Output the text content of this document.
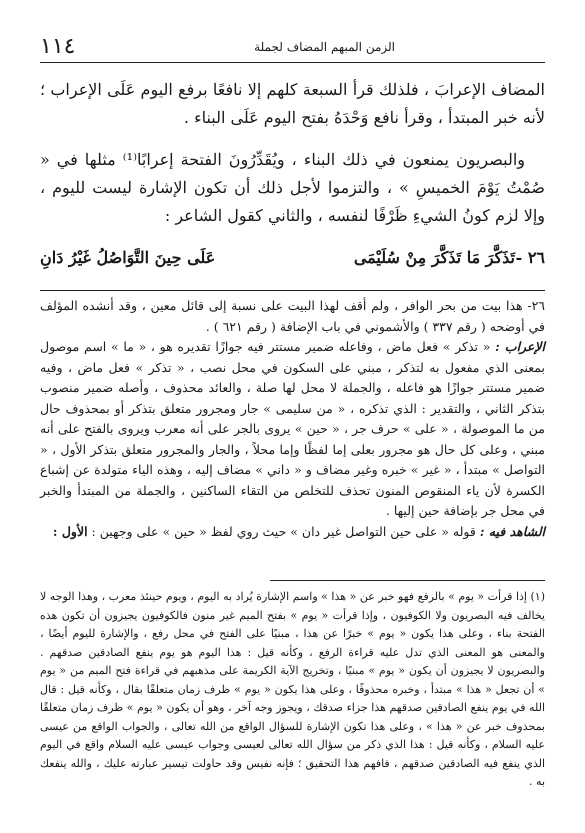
١١٤	الزمن المبهم المضاف لجملة

المضاف الإعرابَ ، فلذلك قرأ السبعة كلهم إلا نافعًا برفع اليوم عَلَى الإعراب ؛ لأنه خبر المبتدأ ، وقرأ نافع وَحْدَهُ بفتح اليوم عَلَى البناء .

والبصريون يمنعون في ذلك البناء ، ويُقَدِّرُونَ الفتحة إعرابًا⁽¹⁾ مثلها في « صُمْتُ يَوْمَ الخميسِ » ، والتزموا لأجل ذلك أن تكون الإشارة ليست لليوم ، وإلا لزم كونُ الشيءِ ظَرْفًا لنفسه ، والثاني كقول الشاعر :

٢٦ -
تَذَكَّرَ مَا تَذَكَّرَ مِنْ سُلَيْمَى
عَلَى حِينَ التَّوَاصُلُ غَيْرُ دَانِ

٢٦- هذا بيت من بحر الوافر ، ولم أقف لهذا البيت على نسبة إلى قائل معين ، وقد أنشده المؤلف في أوضحه ( رقم ٣٣٧ ) والأشموني في باب الإضافة ( رقم ٦٢١ ) .

الإعراب : « تذكر » فعل ماض ، وفاعله ضمير مستتر فيه جوازًا تقديره هو ، « ما » اسم موصول بمعنى الذي مفعول به لتذكر ، مبني على السكون في محل نصب ، « تذكر » فعل ماض ، وفيه ضمير مستتر جوازًا هو فاعله ، والجملة لا محل لها صلة ، والعائد محذوف ، وأصله ضمير منصوب بتذكر الثاني ، والتقدير : الذي تذكره ، « من سليمى » جار ومجرور متعلق بتذكر أو بمحذوف حال من ما الموصولة ، « على » حرف جر ، « حين » يروى بالجر على أنه معرب ويروى بالفتح على أنه مبني ، وعلى كل حال هو مجرور بعلى إما لفظًا وإما محلاً ، والجار والمجرور متعلق بتذكر الأول ، « التواصل » مبتدأ ، « غير » خبره وغير مضاف و « داني » مضاف إليه ، وهذه الياء متولدة عن إشباع الكسرة لأن ياء المنقوص المنون تحذف للتخلص من التقاء الساكنين ، والجملة من المبتدأ والخبر في محل جر بإضافة حين إليها .

الشاهد فيه : قوله « على حين التواصل غير دان » حيث روي لفظ « حين » على وجهين : الأول :

(١) إذا قرأت « يوم » بالرفع فهو خبر عن « هذا » واسم الإشارة يُراد به اليوم ، ويوم حينئذ معرب ، وهذا الوجه لا يخالف فيه البصريون ولا الكوفيون ، وإذا قرأت « يوم » بفتح الميم غير منون فالكوفيون يجيزون أن تكون هذه الفتحة بناء ، وعلى هذا يكون « يوم » خبرًا عن هذا ، مبنيًا على الفتح في محل رفع ، والإشارة لليوم أيضًا ، والمعنى هو المعنى الذي تدل عليه قراءة الرفع ، وكأنه قيل : هذا اليوم هو يوم ينفع الصادقين صدقهم . والبصريون لا يجيزون أن يكون « يوم » مبنيًا ، وتخريج الآية الكريمة على مذهبهم في قراءة فتح الميم من « يوم » أن تجعل « هذا » مبتدأ ، وخبره محذوفًا ، وعلى هذا يكون « يوم » ظرف زمان متعلقًا بقال ، وكأنه قيل : قال الله في يوم ينفع الصادقين صدقهم هذا جزاء صدقك ، ويجوز وجه آخر ، وهو أن يكون « يوم » ظرف زمان متعلقًا بمحذوف خبر عن « هذا » ، وعلى هذا تكون الإشارة للسؤال الواقع من الله تعالى ، والجواب الواقع من عيسى عليه السلام ، وكأنه قيل : هذا الذي ذكر من سؤال الله تعالى لعيسى وجواب عيسى عليه السلام واقع في اليوم الذي ينفع فيه الصادقين صدقهم ، فافهم هذا التحقيق ؛ فإنه نفيس وقد حاولت تيسير عبارته عليك ، والله ينفعك به .
